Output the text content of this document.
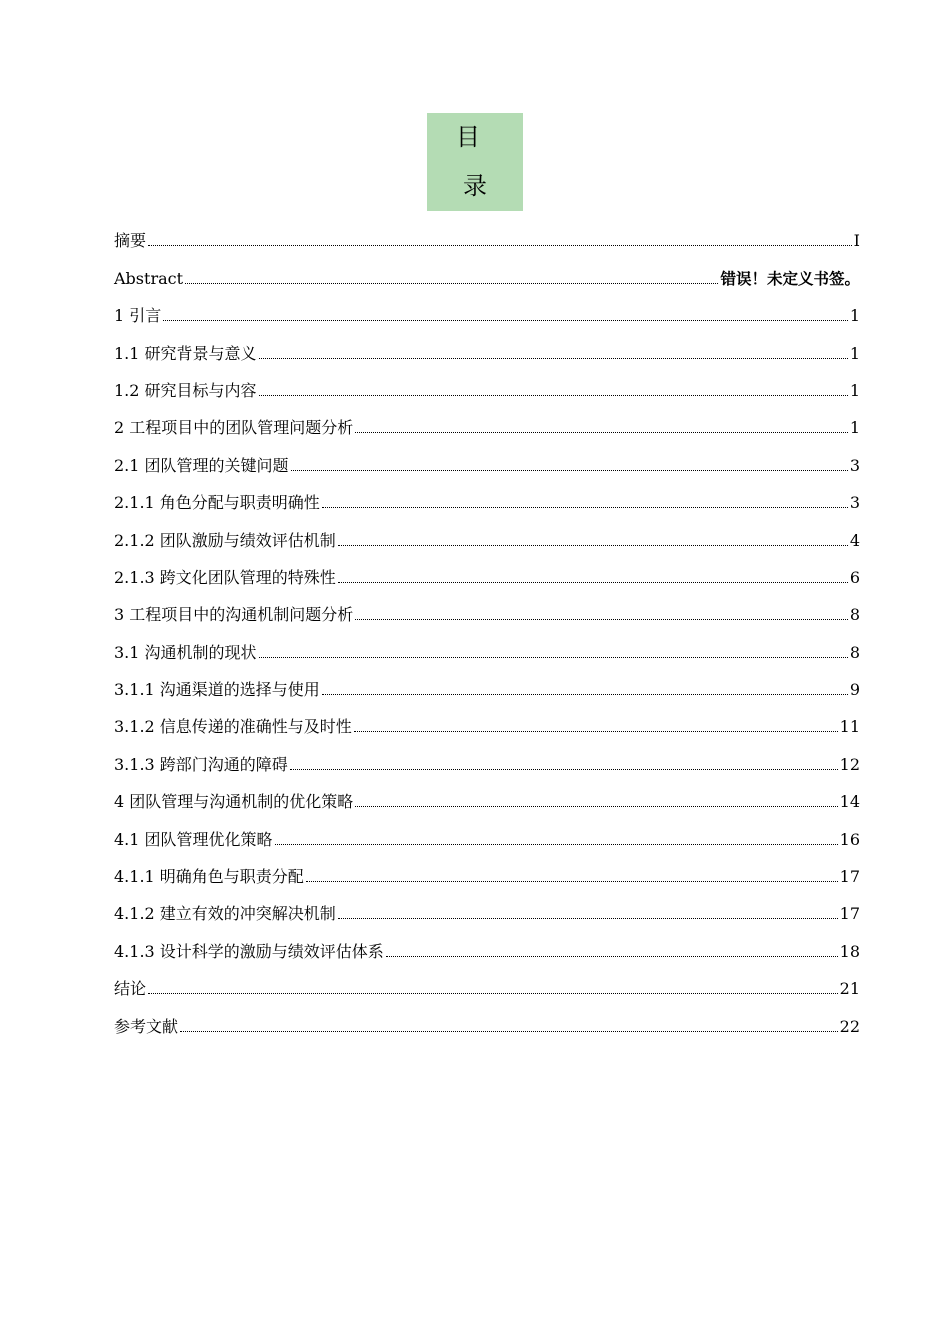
目 录
摘要	I
Abstract	错误！未定义书签。
1 引言	1
1.1 研究背景与意义	1
1.2 研究目标与内容	1
2 工程项目中的团队管理问题分析	1
2.1 团队管理的关键问题	3
2.1.1 角色分配与职责明确性	3
2.1.2 团队激励与绩效评估机制	4
2.1.3 跨文化团队管理的特殊性	6
3 工程项目中的沟通机制问题分析	8
3.1 沟通机制的现状	8
3.1.1 沟通渠道的选择与使用	9
3.1.2 信息传递的准确性与及时性	11
3.1.3 跨部门沟通的障碍	12
4 团队管理与沟通机制的优化策略	14
4.1 团队管理优化策略	16
4.1.1 明确角色与职责分配	17
4.1.2 建立有效的冲突解决机制	17
4.1.3 设计科学的激励与绩效评估体系	18
结论	21
参考文献	22
